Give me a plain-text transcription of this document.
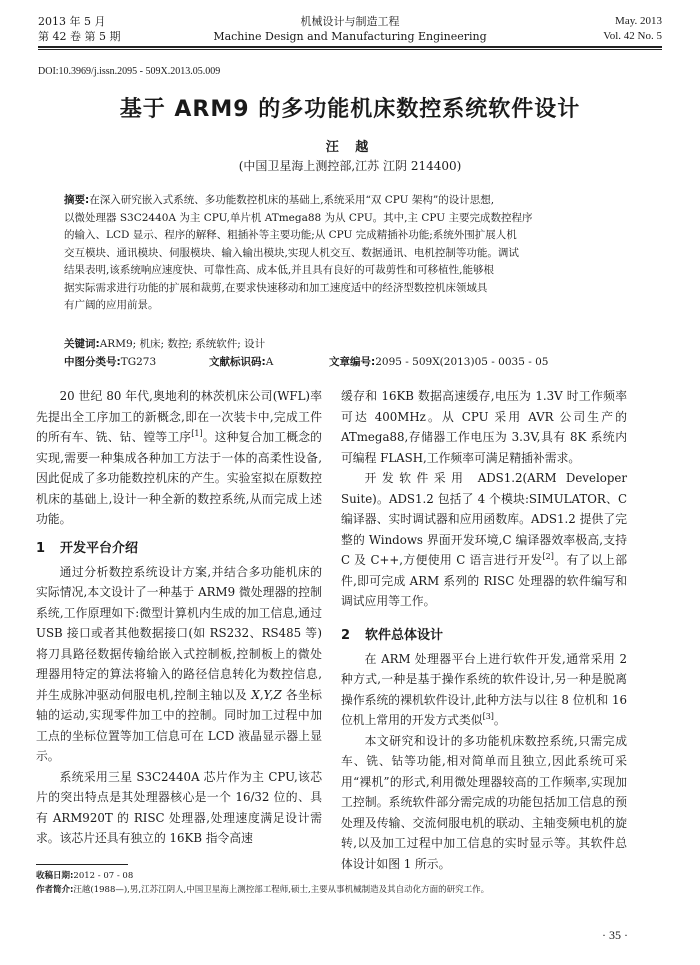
2013 年 5 月
第 42 卷 第 5 期
机械设计与制造工程
Machine Design and Manufacturing Engineering
May. 2013
Vol. 42 No. 5
DOI:10.3969/j.issn.2095 - 509X.2013.05.009
基于 ARM9 的多功能机床数控系统软件设计
汪 越
(中国卫星海上测控部,江苏 江阴 214400)
摘要:在深入研究嵌入式系统、多功能数控机床的基础上,系统采用“双 CPU 架构”的设计思想,
以微处理器 S3C2440A 为主 CPU,单片机 ATmega88 为从 CPU。其中,主 CPU 主要完成数控程序
的输入、LCD 显示、程序的解释、粗插补等主要功能;从 CPU 完成精插补功能;系统外围扩展人机
交互模块、通讯模块、伺服模块、输入输出模块,实现人机交互、数据通讯、电机控制等功能。调试
结果表明,该系统响应速度快、可靠性高、成本低,并且具有良好的可裁剪性和可移植性,能够根
据实际需求进行功能的扩展和裁剪,在要求快速移动和加工速度适中的经济型数控机床领域具
有广阔的应用前景。
关键词:ARM9; 机床; 数控; 系统软件; 设计
中图分类号:TG273	文献标识码:A	文章编号:2095 - 509X(2013)05 - 0035 - 05

20 世纪 80 年代,奥地利的林茨机床公司(WFL)率先提出全工序加工的新概念,即在一次装卡中,完成工件的所有车、铣、钻、镗等工序[1]。这种复合加工概念的实现,需要一种集成各种加工方法于一体的高柔性设备,因此促成了多功能数控机床的产生。实验室拟在原数控机床的基础上,设计一种全新的数控系统,从而完成上述功能。

1 开发平台介绍

通过分析数控系统设计方案,并结合多功能机床的实际情况,本文设计了一种基于 ARM9 微处理器的控制系统,工作原理如下:微型计算机内生成的加工信息,通过 USB 接口或者其他数据接口(如 RS232、RS485 等)将刀具路径数据传输给嵌入式控制板,控制板上的微处理器用特定的算法将输入的路径信息转化为数控信息,并生成脉冲驱动伺服电机,控制主轴以及 X,Y,Z 各坐标轴的运动,实现零件加工中的控制。同时加工过程中加工点的坐标位置等加工信息可在 LCD 液晶显示器上显示。

系统采用三星 S3C2440A 芯片作为主 CPU,该芯片的突出特点是其处理器核心是一个 16/32 位的、具有 ARM920T 的 RISC 处理器,处理速度满足设计需求。该芯片还具有独立的 16KB 指令高速

缓存和 16KB 数据高速缓存,电压为 1.3V 时工作频率可达 400MHz。从 CPU 采用 AVR 公司生产的 ATmega88,存储器工作电压为 3.3V,具有 8K 系统内可编程 FLASH,工作频率可满足精插补需求。

开发软件采用 ADS1.2(ARM Developer Suite)。ADS1.2 包括了 4 个模块:SIMULATOR、C 编译器、实时调试器和应用函数库。ADS1.2 提供了完整的 Windows 界面开发环境,C 编译器效率极高,支持 C 及 C++,方便使用 C 语言进行开发[2]。有了以上部件,即可完成 ARM 系列的 RISC 处理器的软件编写和调试应用等工作。

2 软件总体设计

在 ARM 处理器平台上进行软件开发,通常采用 2 种方式,一种是基于操作系统的软件设计,另一种是脱离操作系统的裸机软件设计,此种方法与以往 8 位机和 16 位机上常用的开发方式类似[3]。

本文研究和设计的多功能机床数控系统,只需完成车、铣、钻等功能,相对简单而且独立,因此系统可采用“裸机”的形式,利用微处理器较高的工作频率,实现加工控制。系统软件部分需完成的功能包括加工信息的预处理及传输、交流伺服电机的联动、主轴变频电机的旋转,以及加工过程中加工信息的实时显示等。其软件总体设计如图 1 所示。

收稿日期:2012 - 07 - 08
作者简介:汪越(1988—),男,江苏江阴人,中国卫星海上测控部工程师,硕士,主要从事机械制造及其自动化方面的研究工作。
· 35 ·
